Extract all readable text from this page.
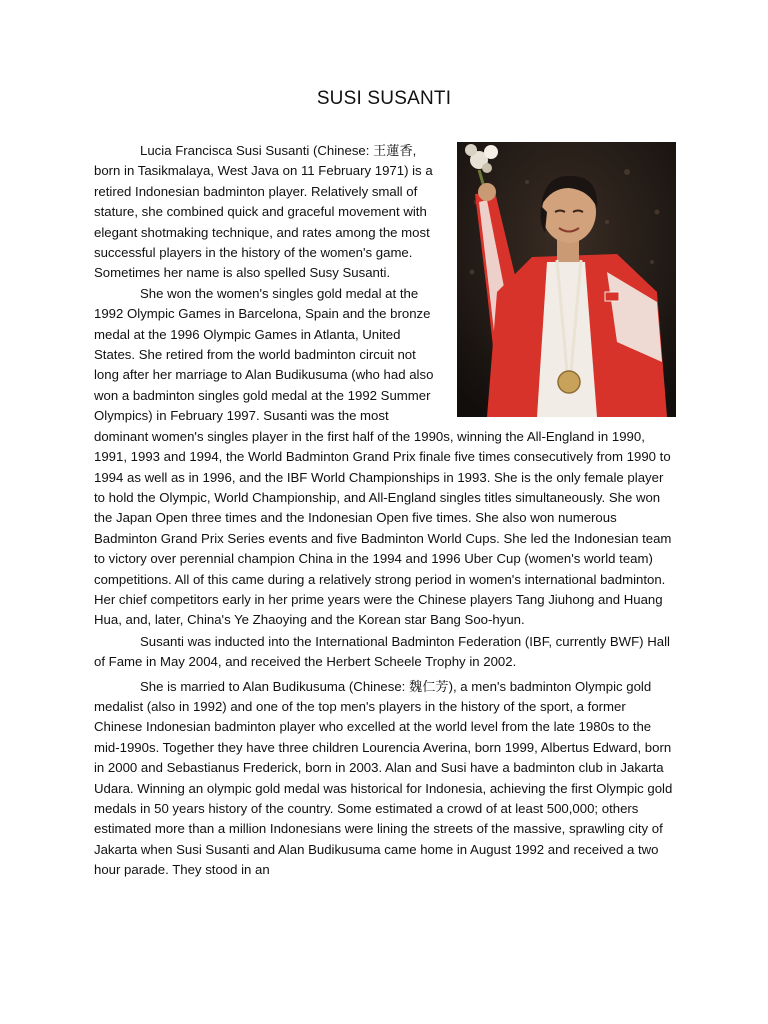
SUSI SUSANTI

Lucia Francisca Susi Susanti (Chinese: 王蓮香, born in Tasikmalaya, West Java on 11 February 1971) is a retired Indonesian badminton player. Relatively small of stature, she combined quick and graceful movement with elegant shotmaking technique, and rates among the most successful players in the history of the women's game. Sometimes her name is also spelled Susy Susanti.

She won the women's singles gold medal at the 1992 Olympic Games in Barcelona, Spain and the bronze medal at the 1996 Olympic Games in Atlanta, United States. She retired from the world badminton circuit not long after her marriage to Alan Budikusuma (who had also won a badminton singles gold medal at the 1992 Summer Olympics) in February 1997. Susanti was the most dominant women's singles player in the first half of the 1990s, winning the All-England in 1990, 1991, 1993 and 1994, the World Badminton Grand Prix finale five times consecutively from 1990 to 1994 as well as in 1996, and the IBF World Championships in 1993. She is the only female player to hold the Olympic, World Championship, and All-England singles titles simultaneously. She won the Japan Open three times and the Indonesian Open five times. She also won numerous Badminton Grand Prix Series events and five Badminton World Cups. She led the Indonesian team to victory over perennial champion China in the 1994 and 1996 Uber Cup (women's world team) competitions. All of this came during a relatively strong period in women's international badminton. Her chief competitors early in her prime years were the Chinese players Tang Jiuhong and Huang Hua, and, later, China's Ye Zhaoying and the Korean star Bang Soo-hyun.

Susanti was inducted into the International Badminton Federation (IBF, currently BWF) Hall of Fame in May 2004, and received the Herbert Scheele Trophy in 2002.

She is married to Alan Budikusuma (Chinese: 魏仁芳), a men's badminton Olympic gold medalist (also in 1992) and one of the top men's players in the history of the sport, a former Chinese Indonesian badminton player who excelled at the world level from the late 1980s to the mid-1990s. Together they have three children Lourencia Averina, born 1999, Albertus Edward, born in 2000 and Sebastianus Frederick, born in 2003. Alan and Susi have a badminton club in Jakarta Udara. Winning an olympic gold medal was historical for Indonesia, achieving the first Olympic gold medals in 50 years history of the country. Some estimated a crowd of at least 500,000; others estimated more than a million Indonesians were lining the streets of the massive, sprawling city of Jakarta when Susi Susanti and Alan Budikusuma came home in August 1992 and received a two hour parade. They stood in an
